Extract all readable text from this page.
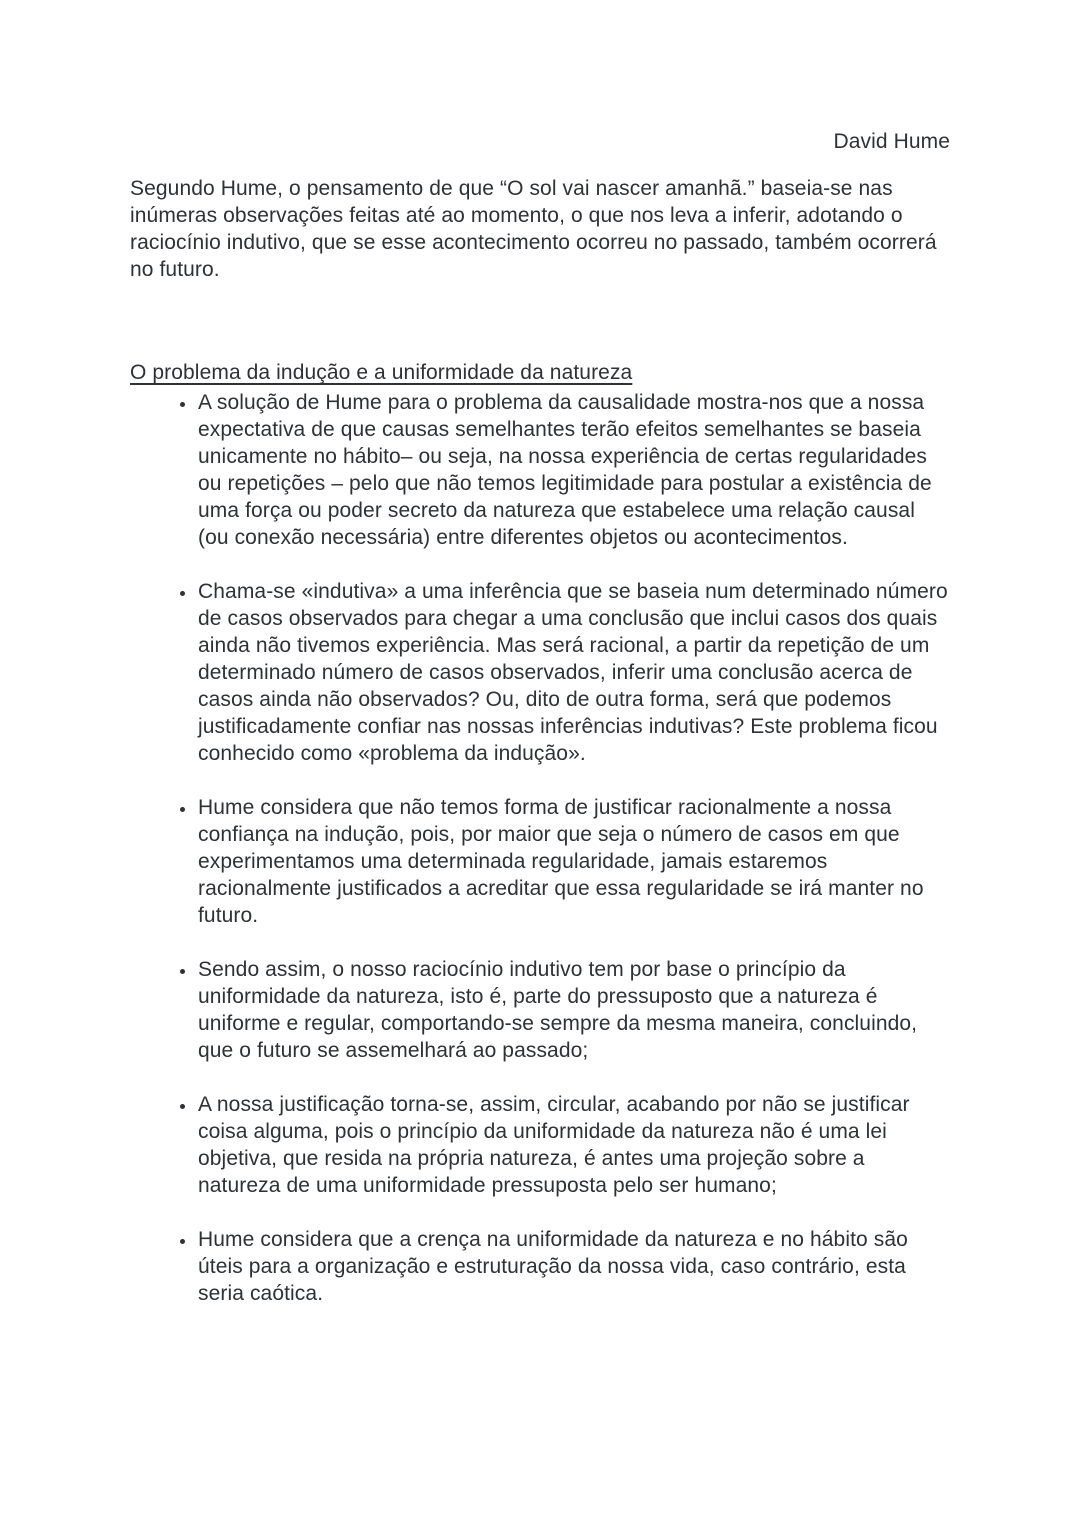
David Hume

Segundo Hume, o pensamento de que “O sol vai nascer amanhã.” baseia-se nas inúmeras observações feitas até ao momento, o que nos leva a inferir, adotando o raciocínio indutivo, que se esse acontecimento ocorreu no passado, também ocorrerá no futuro.

O problema da indução e a uniformidade da natureza
• A solução de Hume para o problema da causalidade mostra-nos que a nossa expectativa de que causas semelhantes terão efeitos semelhantes se baseia unicamente no hábito– ou seja, na nossa experiência de certas regularidades ou repetições – pelo que não temos legitimidade para postular a existência de uma força ou poder secreto da natureza que estabelece uma relação causal (ou conexão necessária) entre diferentes objetos ou acontecimentos.
• Chama-se «indutiva» a uma inferência que se baseia num determinado número de casos observados para chegar a uma conclusão que inclui casos dos quais ainda não tivemos experiência. Mas será racional, a partir da repetição de um determinado número de casos observados, inferir uma conclusão acerca de casos ainda não observados? Ou, dito de outra forma, será que podemos justificadamente confiar nas nossas inferências indutivas? Este problema ficou conhecido como «problema da indução».
• Hume considera que não temos forma de justificar racionalmente a nossa confiança na indução, pois, por maior que seja o número de casos em que experimentamos uma determinada regularidade, jamais estaremos racionalmente justificados a acreditar que essa regularidade se irá manter no futuro.
• Sendo assim, o nosso raciocínio indutivo tem por base o princípio da uniformidade da natureza, isto é, parte do pressuposto que a natureza é uniforme e regular, comportando-se sempre da mesma maneira, concluindo, que o futuro se assemelhará ao passado;
• A nossa justificação torna-se, assim, circular, acabando por não se justificar coisa alguma, pois o princípio da uniformidade da natureza não é uma lei objetiva, que resida na própria natureza, é antes uma projeção sobre a natureza de uma uniformidade pressuposta pelo ser humano;
• Hume considera que a crença na uniformidade da natureza e no hábito são úteis para a organização e estruturação da nossa vida, caso contrário, esta seria caótica.
